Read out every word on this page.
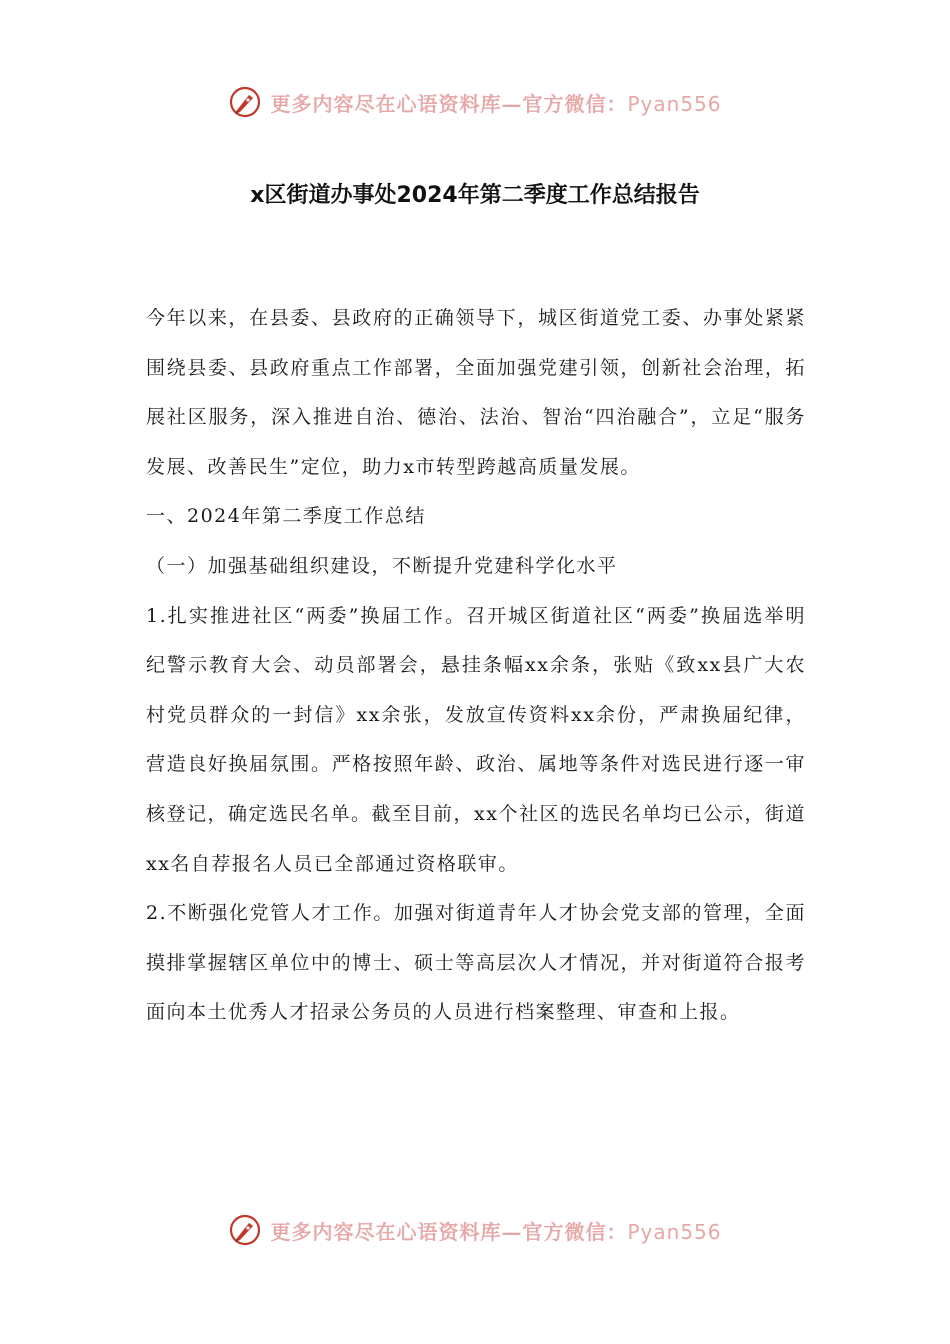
更多内容尽在心语资料库—官方微信：Pyan556
x区街道办事处2024年第二季度工作总结报告

今年以来，在县委、县政府的正确领导下，城区街道党工委、办事处紧紧围绕县委、县政府重点工作部署，全面加强党建引领，创新社会治理，拓展社区服务，深入推进自治、德治、法治、智治“四治融合”，立足“服务发展、改善民生”定位，助力x市转型跨越高质量发展。

一、2024年第二季度工作总结

（一）加强基础组织建设，不断提升党建科学化水平

1.扎实推进社区“两委”换届工作。召开城区街道社区“两委”换届选举明纪警示教育大会、动员部署会，悬挂条幅xx余条，张贴《致xx县广大农村党员群众的一封信》xx余张，发放宣传资料xx余份，严肃换届纪律，营造良好换届氛围。严格按照年龄、政治、属地等条件对选民进行逐一审核登记，确定选民名单。截至目前，xx个社区的选民名单均已公示，街道xx名自荐报名人员已全部通过资格联审。

2.不断强化党管人才工作。加强对街道青年人才协会党支部的管理，全面摸排掌握辖区单位中的博士、硕士等高层次人才情况，并对街道符合报考面向本土优秀人才招录公务员的人员进行档案整理、审查和上报。

更多内容尽在心语资料库—官方微信：Pyan556
